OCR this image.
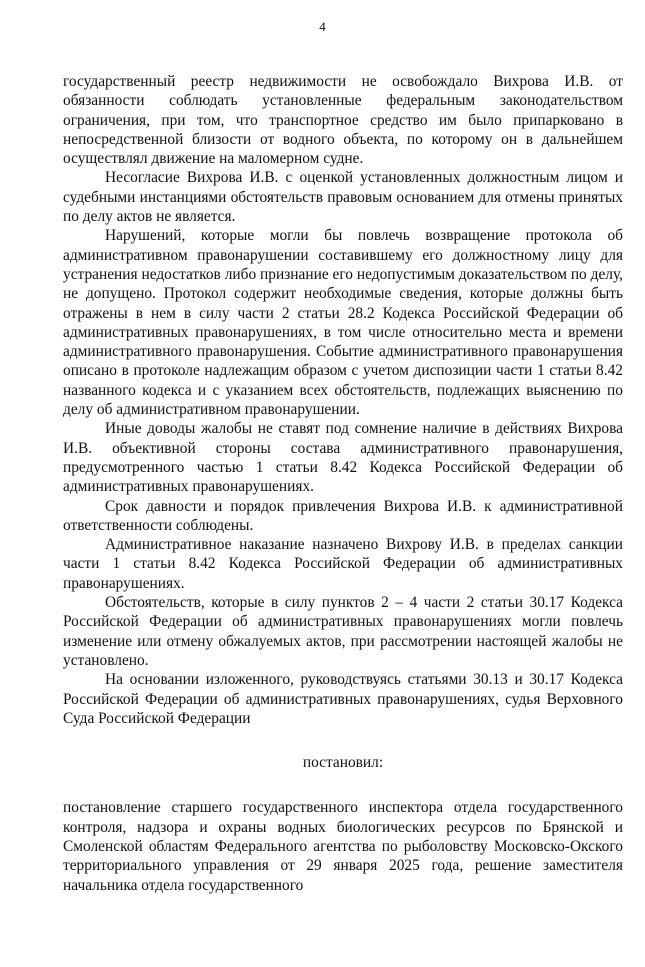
4

государственный реестр недвижимости не освобождало Вихрова И.В. от обязанности соблюдать установленные федеральным законодательством ограничения, при том, что транспортное средство им было припарковано в непосредственной близости от водного объекта, по которому он в дальнейшем осуществлял движение на маломерном судне.

Несогласие Вихрова И.В. с оценкой установленных должностным лицом и судебными инстанциями обстоятельств правовым основанием для отмены принятых по делу актов не является.

Нарушений, которые могли бы повлечь возвращение протокола об административном правонарушении составившему его должностному лицу для устранения недостатков либо признание его недопустимым доказательством по делу, не допущено. Протокол содержит необходимые сведения, которые должны быть отражены в нем в силу части 2 статьи 28.2 Кодекса Российской Федерации об административных правонарушениях, в том числе относительно места и времени административного правонарушения. Событие административного правонарушения описано в протоколе надлежащим образом с учетом диспозиции части 1 статьи 8.42 названного кодекса и с указанием всех обстоятельств, подлежащих выяснению по делу об административном правонарушении.

Иные доводы жалобы не ставят под сомнение наличие в действиях Вихрова И.В. объективной стороны состава административного правонарушения, предусмотренного частью 1 статьи 8.42 Кодекса Российской Федерации об административных правонарушениях.

Срок давности и порядок привлечения Вихрова И.В. к административной ответственности соблюдены.

Административное наказание назначено Вихрову И.В. в пределах санкции части 1 статьи 8.42 Кодекса Российской Федерации об административных правонарушениях.

Обстоятельств, которые в силу пунктов 2 – 4 части 2 статьи 30.17 Кодекса Российской Федерации об административных правонарушениях могли повлечь изменение или отмену обжалуемых актов, при рассмотрении настоящей жалобы не установлено.

На основании изложенного, руководствуясь статьями 30.13 и 30.17 Кодекса Российской Федерации об административных правонарушениях, судья Верховного Суда Российской Федерации

постановил:

постановление старшего государственного инспектора отдела государственного контроля, надзора и охраны водных биологических ресурсов по Брянской и Смоленской областям Федерального агентства по рыболовству Московско-Окского территориального управления от 29 января 2025 года, решение заместителя начальника отдела государственного
